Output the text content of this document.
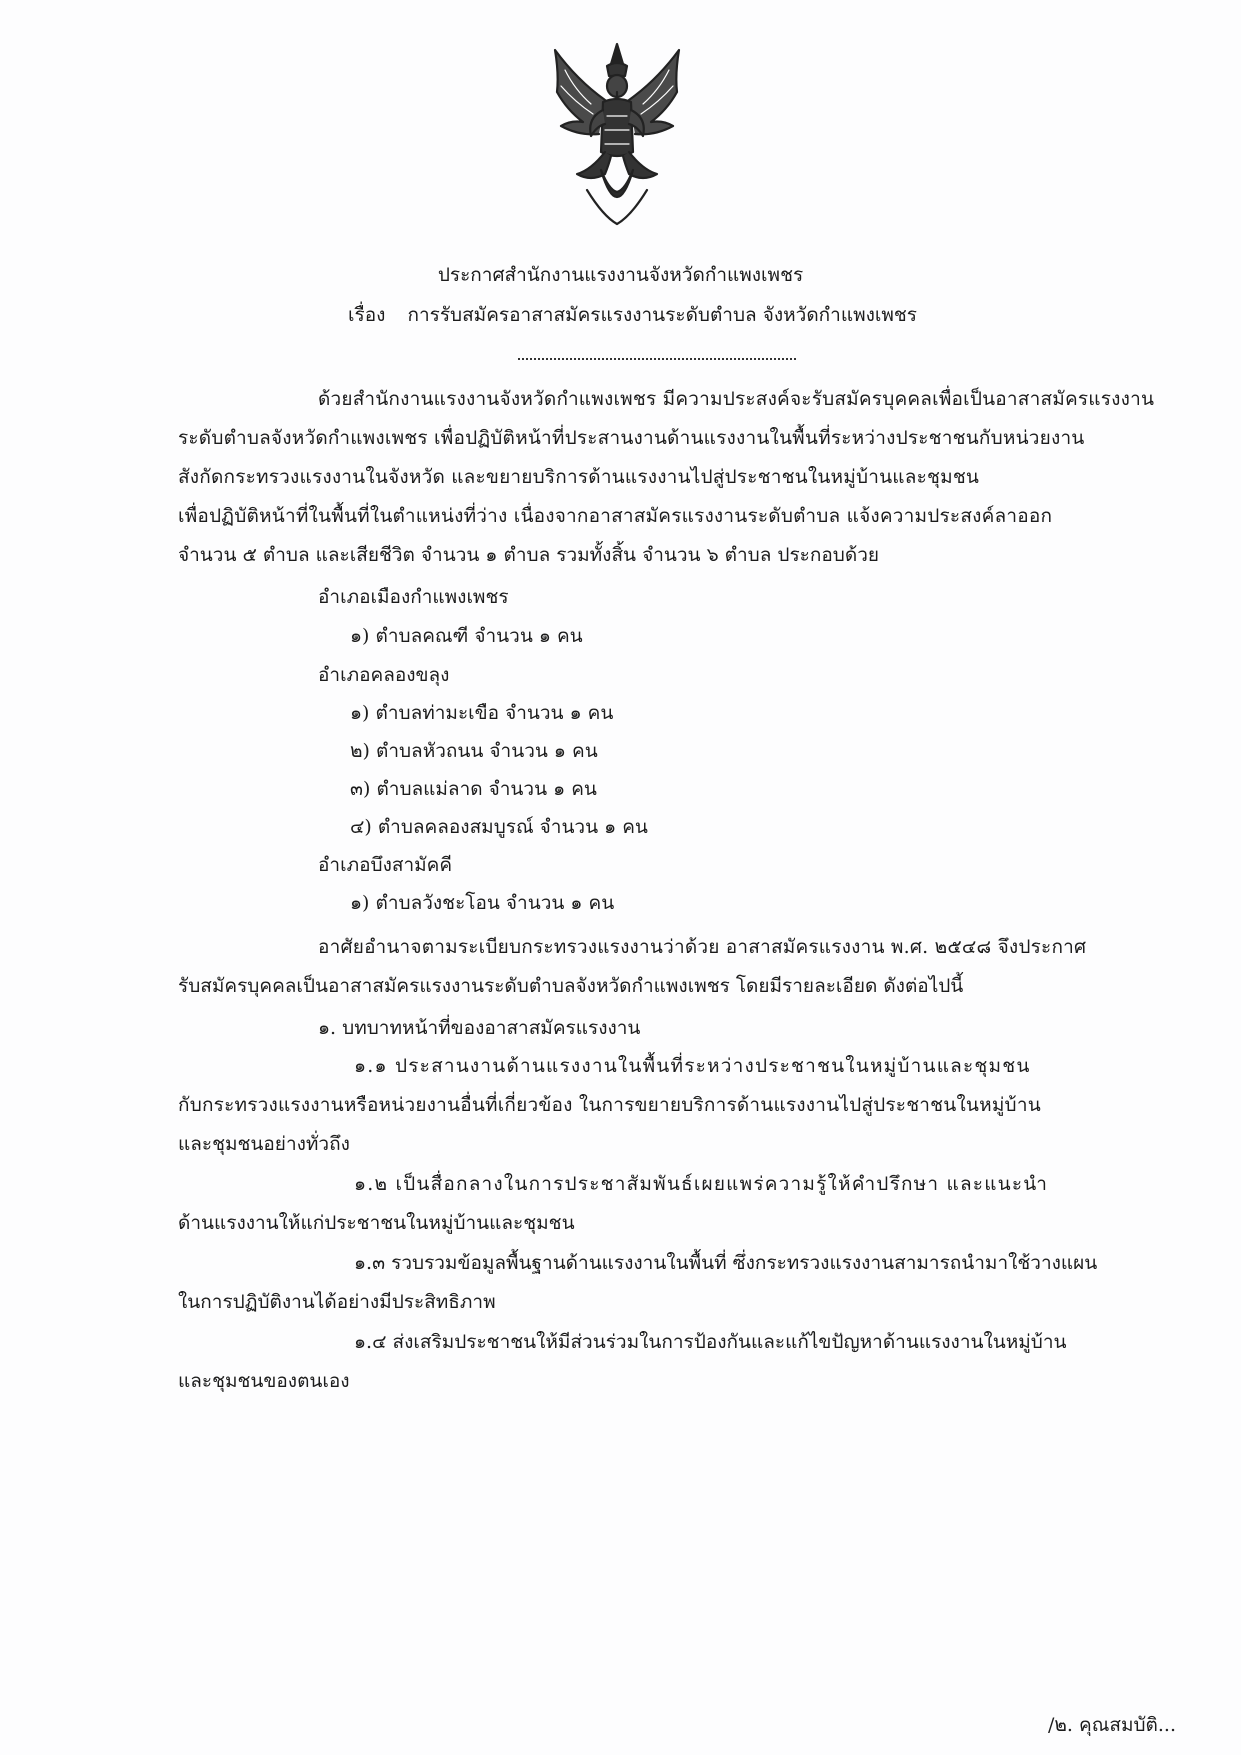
ประกาศสำนักงานแรงงานจังหวัดกำแพงเพชร
เรื่อง การรับสมัครอาสาสมัครแรงงานระดับตำบล จังหวัดกำแพงเพชร
ด้วยสำนักงานแรงงานจังหวัดกำแพงเพชร มีความประสงค์จะรับสมัครบุคคลเพื่อเป็นอาสาสมัครแรงงาน
ระดับตำบลจังหวัดกำแพงเพชร เพื่อปฏิบัติหน้าที่ประสานงานด้านแรงงานในพื้นที่ระหว่างประชาชนกับหน่วยงาน
สังกัดกระทรวงแรงงานในจังหวัด และขยายบริการด้านแรงงานไปสู่ประชาชนในหมู่บ้านและชุมชน
เพื่อปฏิบัติหน้าที่ในพื้นที่ในตำแหน่งที่ว่าง เนื่องจากอาสาสมัครแรงงานระดับตำบล แจ้งความประสงค์ลาออก
จำนวน ๕ ตำบล และเสียชีวิต จำนวน ๑ ตำบล รวมทั้งสิ้น จำนวน ๖ ตำบล ประกอบด้วย
อำเภอเมืองกำแพงเพชร
๑) ตำบลคณฑี จำนวน ๑ คน
อำเภอคลองขลุง
๑) ตำบลท่ามะเขือ จำนวน ๑ คน
๒) ตำบลหัวถนน จำนวน ๑ คน
๓) ตำบลแม่ลาด จำนวน ๑ คน
๔) ตำบลคลองสมบูรณ์ จำนวน ๑ คน
อำเภอบึงสามัคคี
๑) ตำบลวังชะโอน จำนวน ๑ คน
อาศัยอำนาจตามระเบียบกระทรวงแรงงานว่าด้วย อาสาสมัครแรงงาน พ.ศ. ๒๕๔๘ จึงประกาศ
รับสมัครบุคคลเป็นอาสาสมัครแรงงานระดับตำบลจังหวัดกำแพงเพชร โดยมีรายละเอียด ดังต่อไปนี้
๑. บทบาทหน้าที่ของอาสาสมัครแรงงาน
๑.๑ ประสานงานด้านแรงงานในพื้นที่ระหว่างประชาชนในหมู่บ้านและชุมชน
กับกระทรวงแรงงานหรือหน่วยงานอื่นที่เกี่ยวข้อง ในการขยายบริการด้านแรงงานไปสู่ประชาชนในหมู่บ้าน
และชุมชนอย่างทั่วถึง
๑.๒ เป็นสื่อกลางในการประชาสัมพันธ์เผยแพร่ความรู้ให้คำปรึกษา และแนะนำ
ด้านแรงงานให้แก่ประชาชนในหมู่บ้านและชุมชน
๑.๓ รวบรวมข้อมูลพื้นฐานด้านแรงงานในพื้นที่ ซึ่งกระทรวงแรงงานสามารถนำมาใช้วางแผน
ในการปฏิบัติงานได้อย่างมีประสิทธิภาพ
๑.๔ ส่งเสริมประชาชนให้มีส่วนร่วมในการป้องกันและแก้ไขปัญหาด้านแรงงานในหมู่บ้าน
และชุมชนของตนเอง
/๒. คุณสมบัติ...
